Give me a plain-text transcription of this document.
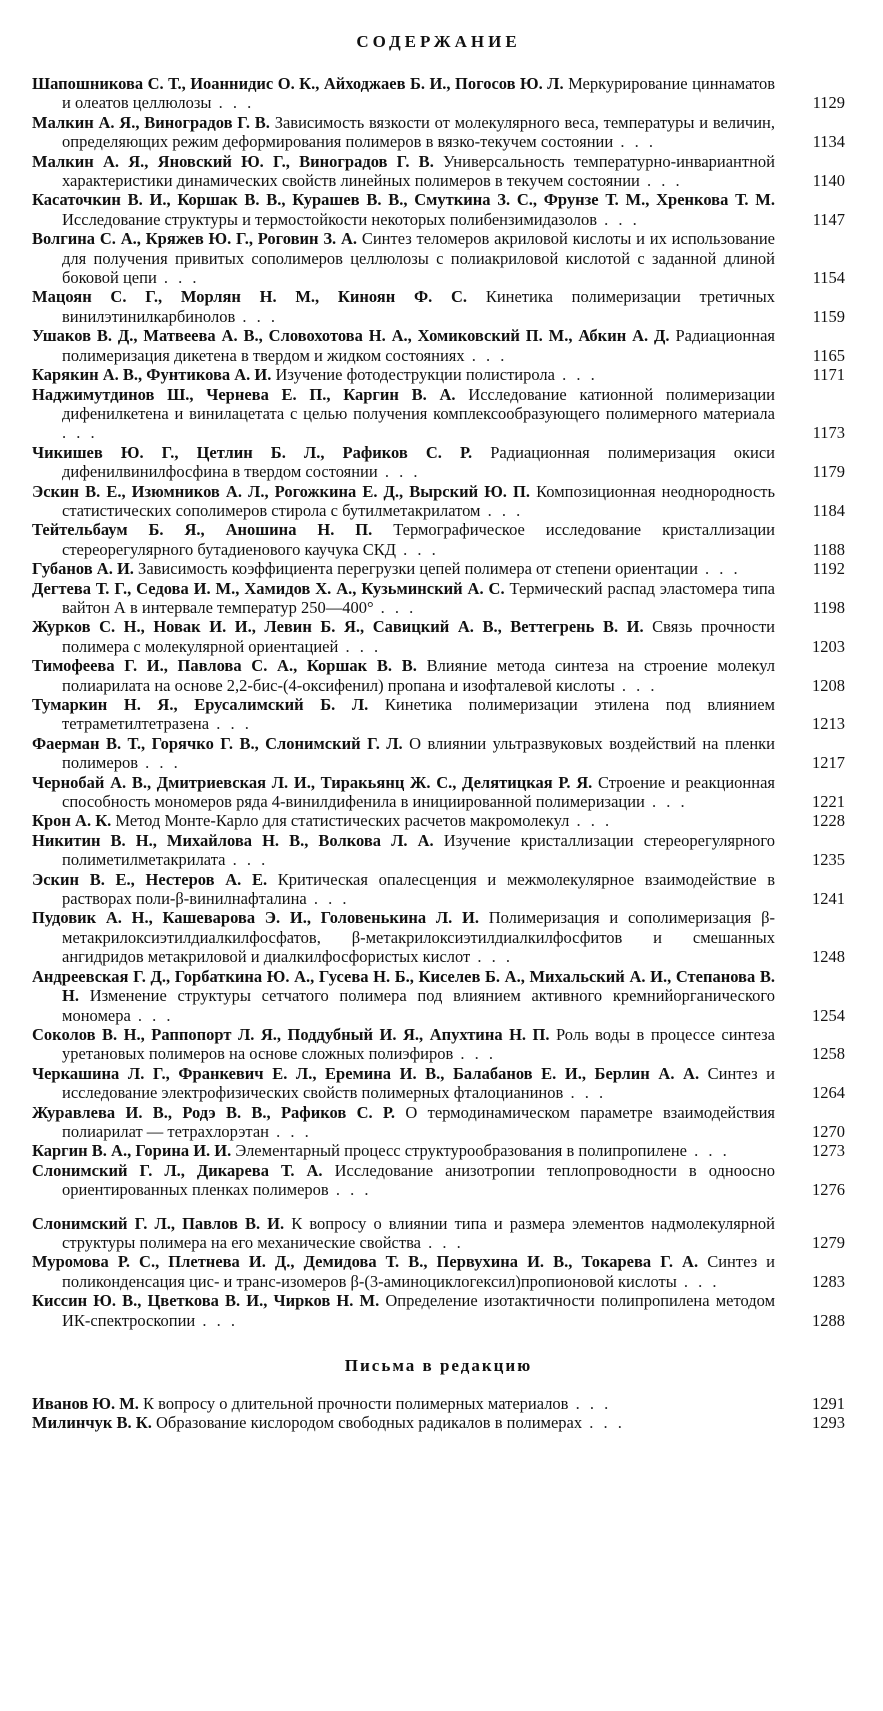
СОДЕРЖАНИЕ
Шапошникова С. Т., Иоаннидис О. К., Айходжаев Б. И., Погосов Ю. Л. Меркурирование циннаматов и олеатов целлюлозы . . .	1129
Малкин А. Я., Виноградов Г. В. Зависимость вязкости от молекулярного веса, температуры и величин, определяющих режим деформирования полимеров в вязко-текучем состоянии . . .	1134
Малкин А. Я., Яновский Ю. Г., Виноградов Г. В. Универсальность температурно-инвариантной характеристики динамических свойств линейных полимеров в текучем состоянии . . .	1140
Касаточкин В. И., Коршак В. В., Курашев В. В., Смуткина З. С., Фрунзе Т. М., Хренкова Т. М. Исследование структуры и термостойкости некоторых полибензимидазолов . . .	1147
Волгина С. А., Кряжев Ю. Г., Роговин З. А. Синтез теломеров акриловой кислоты и их использование для получения привитых сополимеров целлюлозы с полиакриловой кислотой с заданной длиной боковой цепи . . .	1154
Мацоян С. Г., Морлян Н. М., Киноян Ф. С. Кинетика полимеризации третичных винилэтинилкарбинолов . . .	1159
Ушаков В. Д., Матвеева А. В., Словохотова Н. А., Хомиковский П. М., Абкин А. Д. Радиационная полимеризация дикетена в твердом и жидком состояниях . . .	1165
Карякин А. В., Фунтикова А. И. Изучение фотодеструкции полистирола . . .	1171
Наджимутдинов Ш., Чернева Е. П., Каргин В. А. Исследование катионной полимеризации дифенилкетена и винилацетата с целью получения комплексообразующего полимерного материала . . .	1173
Чикишев Ю. Г., Цетлин Б. Л., Рафиков С. Р. Радиационная полимеризация окиси дифенилвинилфосфина в твердом состоянии . . .	1179
Эскин В. Е., Изюмников А. Л., Рогожкина Е. Д., Вырский Ю. П. Композиционная неоднородность статистических сополимеров стирола с бутилметакрилатом . . .	1184
Тейтельбаум Б. Я., Аношина Н. П. Термографическое исследование кристаллизации стереорегулярного бутадиенового каучука СКД . . .	1188
Губанов А. И. Зависимость коэффициента перегрузки цепей полимера от степени ориентации . . .	1192
Дегтева Т. Г., Седова И. М., Хамидов Х. А., Кузьминский А. С. Термический распад эластомера типа вайтон А в интервале температур 250—400° . . .	1198
Журков С. Н., Новак И. И., Левин Б. Я., Савицкий А. В., Веттегрень В. И. Связь прочности полимера с молекулярной ориентацией . . .	1203
Тимофеева Г. И., Павлова С. А., Коршак В. В. Влияние метода синтеза на строение молекул полиарилата на основе 2,2-бис-(4-оксифенил) пропана и изофталевой кислоты . . .	1208
Тумаркин Н. Я., Ерусалимский Б. Л. Кинетика полимеризации этилена под влиянием тетраметилтетразена . . .	1213
Фаерман В. Т., Горячко Г. В., Слонимский Г. Л. О влиянии ультразвуковых воздействий на пленки полимеров . . .	1217
Чернобай А. В., Дмитриевская Л. И., Тиракьянц Ж. С., Делятицкая Р. Я. Строение и реакционная способность мономеров ряда 4-винилдифенила в инициированной полимеризации . . .	1221
Крон А. К. Метод Монте-Карло для статистических расчетов макромолекул . . .	1228
Никитин В. Н., Михайлова Н. В., Волкова Л. А. Изучение кристаллизации стереорегулярного полиметилметакрилата . . .	1235
Эскин В. Е., Нестеров А. Е. Критическая опалесценция и межмолекулярное взаимодействие в растворах поли-β-винилнафталина . . .	1241
Пудовик А. Н., Кашеварова Э. И., Головенькина Л. И. Полимеризация и сополимеризация β-метакрилоксиэтилдиалкилфосфатов, β-метакрилоксиэтилдиалкилфосфитов и смешанных ангидридов метакриловой и диалкилфосфористых кислот . . .	1248
Андреевская Г. Д., Горбаткина Ю. А., Гусева Н. Б., Киселев Б. А., Михальский А. И., Степанова В. Н. Изменение структуры сетчатого полимера под влиянием активного кремнийорганического мономера . . .	1254
Соколов В. Н., Раппопорт Л. Я., Поддубный И. Я., Апухтина Н. П. Роль воды в процессе синтеза уретановых полимеров на основе сложных полиэфиров . . .	1258
Черкашина Л. Г., Франкевич Е. Л., Еремина И. В., Балабанов Е. И., Берлин А. А. Синтез и исследование электрофизических свойств полимерных фталоцианинов . . .	1264
Журавлева И. В., Родэ В. В., Рафиков С. Р. О термодинамическом параметре взаимодействия полиарилат — тетрахлорэтан . . .	1270
Каргин В. А., Горина И. И. Элементарный процесс структурообразования в полипропилене . . .	1273
Слонимский Г. Л., Дикарева Т. А. Исследование анизотропии теплопроводности в одноосно ориентированных пленках полимеров . . .	1276
Слонимский Г. Л., Павлов В. И. К вопросу о влиянии типа и размера элементов надмолекулярной структуры полимера на его механические свойства . . .	1279
Муромова Р. С., Плетнева И. Д., Демидова Т. В., Первухина И. В., Токарева Г. А. Синтез и поликонденсация цис- и транс-изомеров β-(3-аминоциклогексил)пропионовой кислоты . . .	1283
Киссин Ю. В., Цветкова В. И., Чирков Н. М. Определение изотактичности полипропилена методом ИК-спектроскопии . . .	1288
Письма в редакцию
Иванов Ю. М. К вопросу о длительной прочности полимерных материалов . . .	1291
Милинчук В. К. Образование кислородом свободных радикалов в полимерах . . .	1293
